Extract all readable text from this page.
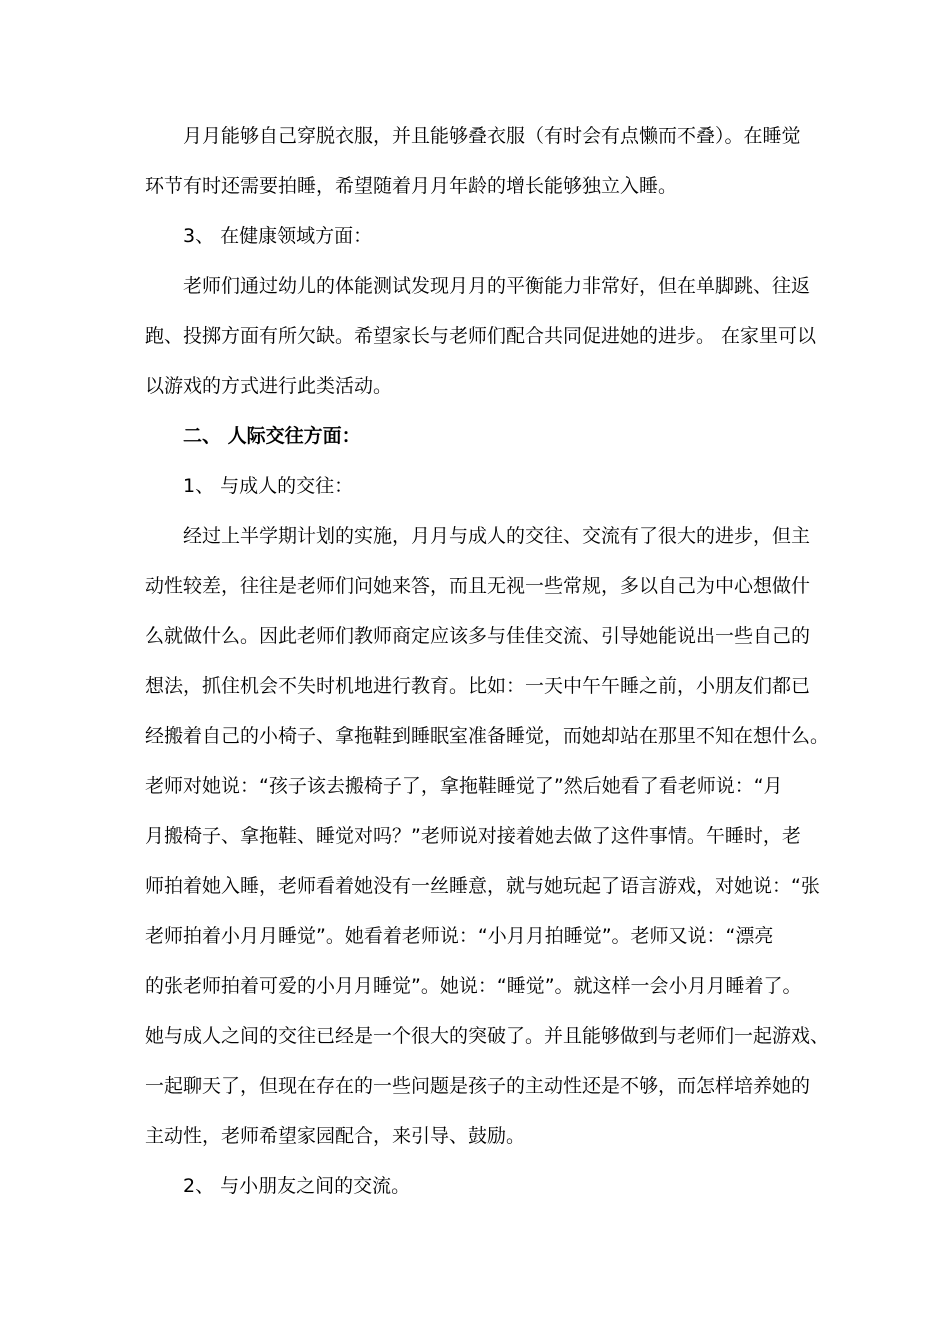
月月能够自己穿脱衣服，并且能够叠衣服（有时会有点懒而不叠）。在睡觉
环节有时还需要拍睡，希望随着月月年龄的增长能够独立入睡。
3、 在健康领域方面：
老师们通过幼儿的体能测试发现月月的平衡能力非常好，但在单脚跳、往返
跑、投掷方面有所欠缺。希望家长与老师们配合共同促进她的进步。 在家里可以
以游戏的方式进行此类活动。
二、 人际交往方面：
1、 与成人的交往：
经过上半学期计划的实施，月月与成人的交往、交流有了很大的进步，但主
动性较差，往往是老师们问她来答，而且无视一些常规，多以自己为中心想做什
么就做什么。因此老师们教师商定应该多与佳佳交流、引导她能说出一些自己的
想法，抓住机会不失时机地进行教育。比如：一天中午午睡之前，小朋友们都已
经搬着自己的小椅子、拿拖鞋到睡眠室准备睡觉，而她却站在那里不知在想什么。
老师对她说：“孩子该去搬椅子了，拿拖鞋睡觉了”然后她看了看老师说：“月
月搬椅子、拿拖鞋、睡觉对吗？”老师说对接着她去做了这件事情。午睡时，老
师拍着她入睡，老师看着她没有一丝睡意，就与她玩起了语言游戏，对她说：“张
老师拍着小月月睡觉”。她看着老师说：“小月月拍睡觉”。老师又说：“漂亮
的张老师拍着可爱的小月月睡觉”。她说：“睡觉”。就这样一会小月月睡着了。
她与成人之间的交往已经是一个很大的突破了。并且能够做到与老师们一起游戏、
一起聊天了，但现在存在的一些问题是孩子的主动性还是不够，而怎样培养她的
主动性，老师希望家园配合，来引导、鼓励。
2、 与小朋友之间的交流。
